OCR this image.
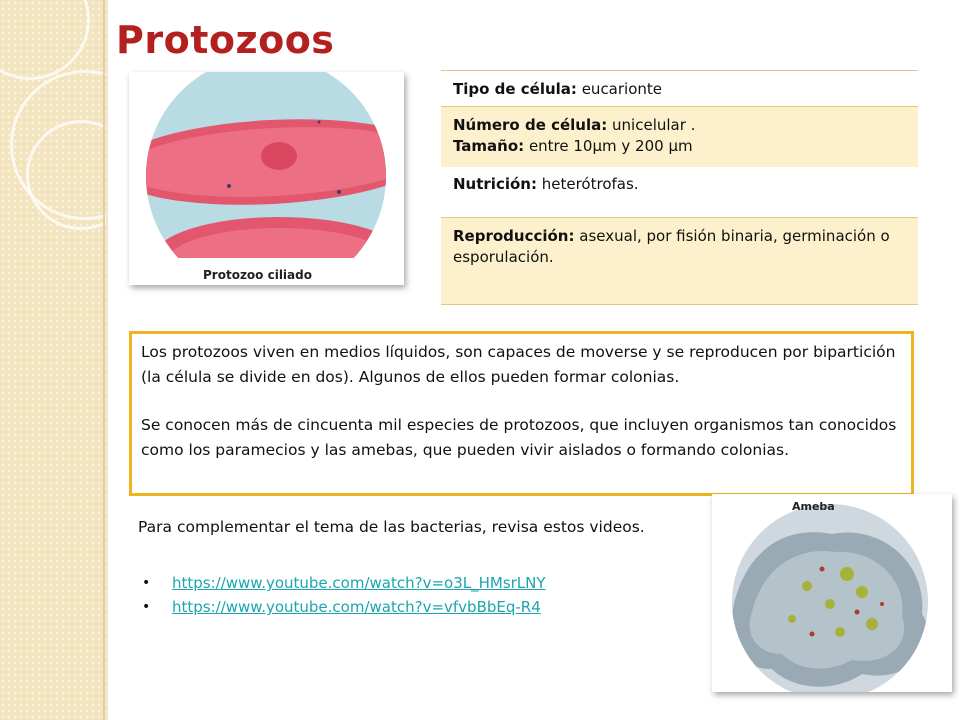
Protozoos
Protozoo ciliado
Tipo de célula: eucarionte
Número de célula: unicelular .
Tamaño: entre 10µm y 200 µm
Nutrición: heterótrofas.
Reproducción: asexual, por fisión binaria, germinación o esporulación.

Los protozoos viven en medios líquidos, son capaces de moverse y se reproducen por bipartición (la célula se divide en dos). Algunos de ellos pueden formar colonias.

Se conocen más de cincuenta mil especies de protozoos, que incluyen organismos tan conocidos como los paramecios y las amebas, que pueden vivir aislados o formando colonias.

Para complementar el tema de las bacterias, revisa estos videos.

•	https://www.youtube.com/watch?v=o3L_HMsrLNY
•	https://www.youtube.com/watch?v=vfvbBbEq-R4
Ameba
